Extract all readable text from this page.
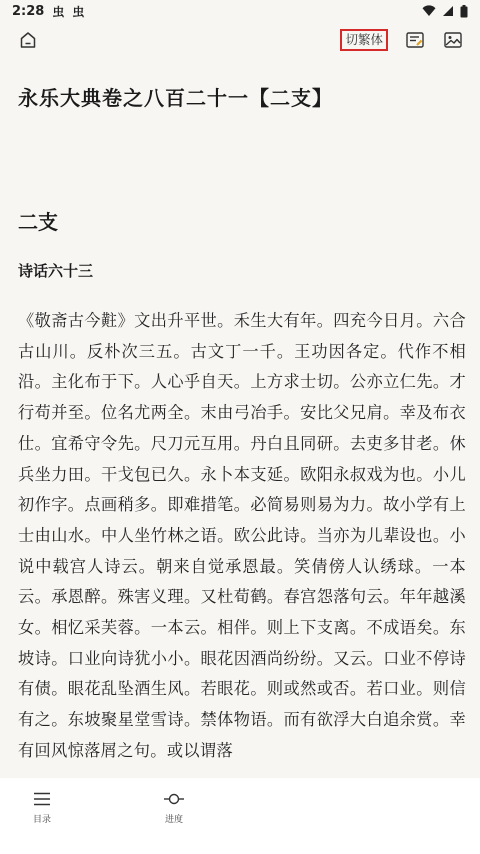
2:28 虫 虫
切繁体
永乐大典卷之八百二十一【二支】
二支
诗话六十三
《敬斋古今黈》文出升平世。禾生大有年。四充今日月。六合古山川。反朴次三五。古文丁一千。王功因各定。代作不相沿。主化布于下。人心乎自天。上方求士切。公亦立仁先。才行苟并至。位名尤两全。末由弓冶手。安比父兄肩。幸及布衣仕。宜希守令先。尺刀元互用。丹白且同研。去吏多甘老。休兵坐力田。干戈包已久。永卜本支延。欧阳永叔戏为也。小儿初作字。点画稍多。即难措笔。必简易则易为力。故小学有上士由山水。中人坐竹林之语。欧公此诗。当亦为儿辈设也。小说中载宫人诗云。朝来自觉承恩最。笑倩傍人认绣球。一本云。承恩醉。殊害义理。又杜荀鹤。春宫怨落句云。年年越溪女。相忆采芙蓉。一本云。相伴。则上下支离。不成语矣。东坡诗。口业向诗犹小小。眼花因酒尚纷纷。又云。口业不停诗有债。眼花乱坠酒生风。若眼花。则或然或否。若口业。则信有之。东坡聚星堂雪诗。禁体物语。而有欲浮大白追余赏。幸有回风惊落屑之句。或以谓落
目录	进度
